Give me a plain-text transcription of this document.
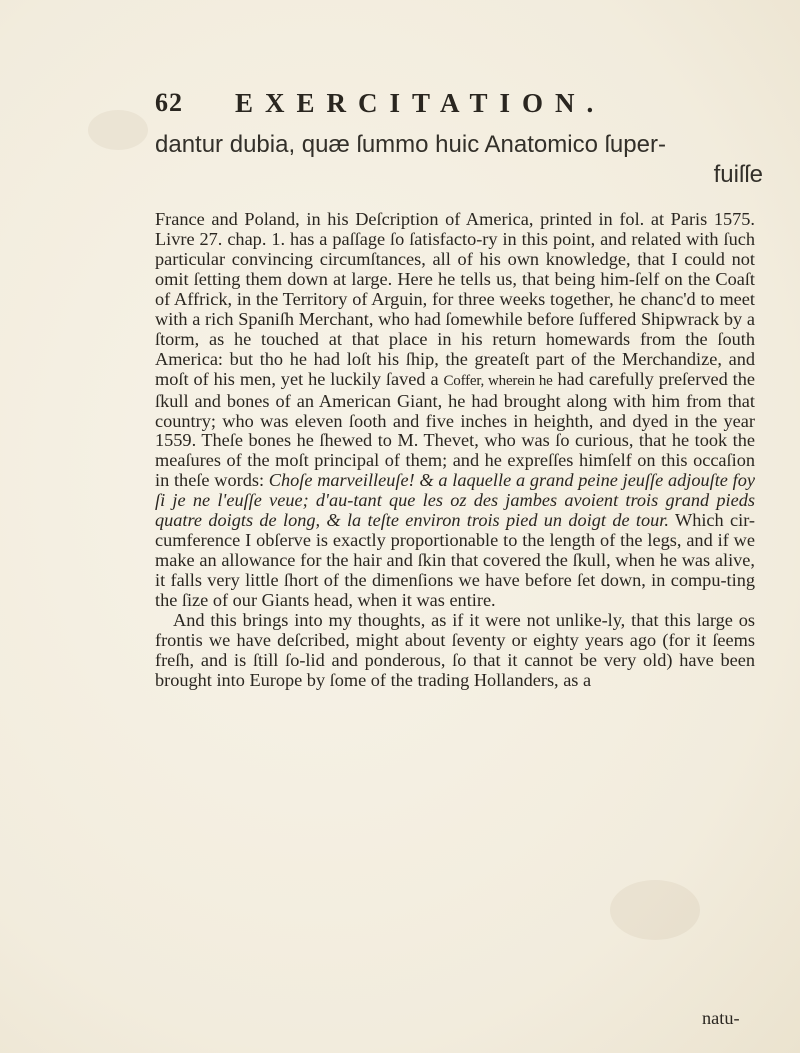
62 EXERCITATION.
dantur dubia, quæ ſummo huic Anatomico ſuper-
fuiſſe

France and Poland, in his Deſcription of America, printed in fol. at Paris 1575. Livre 27. chap. 1. has a paſſage ſo ſatisfacto-ry in this point, and related with ſuch particular convincing circumſtances, all of his own knowledge, that I could not omit ſetting them down at large. Here he tells us, that being him-ſelf on the Coaſt of Affrick, in the Territory of Arguin, for three weeks together, he chanc'd to meet with a rich Spaniſh Merchant, who had ſomewhile before ſuffered Shipwrack by a ſtorm, as he touched at that place in his return homewards from the ſouth America: but tho he had loſt his ſhip, the greateſt part of the Merchandize, and moſt of his men, yet he luckily ſaved a Coffer, wherein he had carefully preſerved the ſkull and bones of an American Giant, he had brought along with him from that country; who was eleven ſooth and five inches in heighth, and dyed in the year 1559. Theſe bones he ſhewed to M. Thevet, who was ſo curious, that he took the meaſures of the moſt principal of them; and he expreſſes himſelf on this occaſion in theſe words: Choſe marveilleuſe! & a laquelle a grand peine jeuſſe adjouſte foy ſi je ne l'euſſe veue; d'au-tant que les oz des jambes avoient trois grand pieds quatre doigts de long, & la teſte environ trois pied un doigt de tour. Which cir-cumference I obſerve is exactly proportionable to the length of the legs, and if we make an allowance for the hair and ſkin that covered the ſkull, when he was alive, it falls very little ſhort of the dimenſions we have before ſet down, in compu-ting the ſize of our Giants head, when it was entire.

And this brings into my thoughts, as if it were not unlike-ly, that this large os frontis we have deſcribed, might about ſeventy or eighty years ago (for it ſeems freſh, and is ſtill ſo-lid and ponderous, ſo that it cannot be very old) have been brought into Europe by ſome of the trading Hollanders, as a

natu-
